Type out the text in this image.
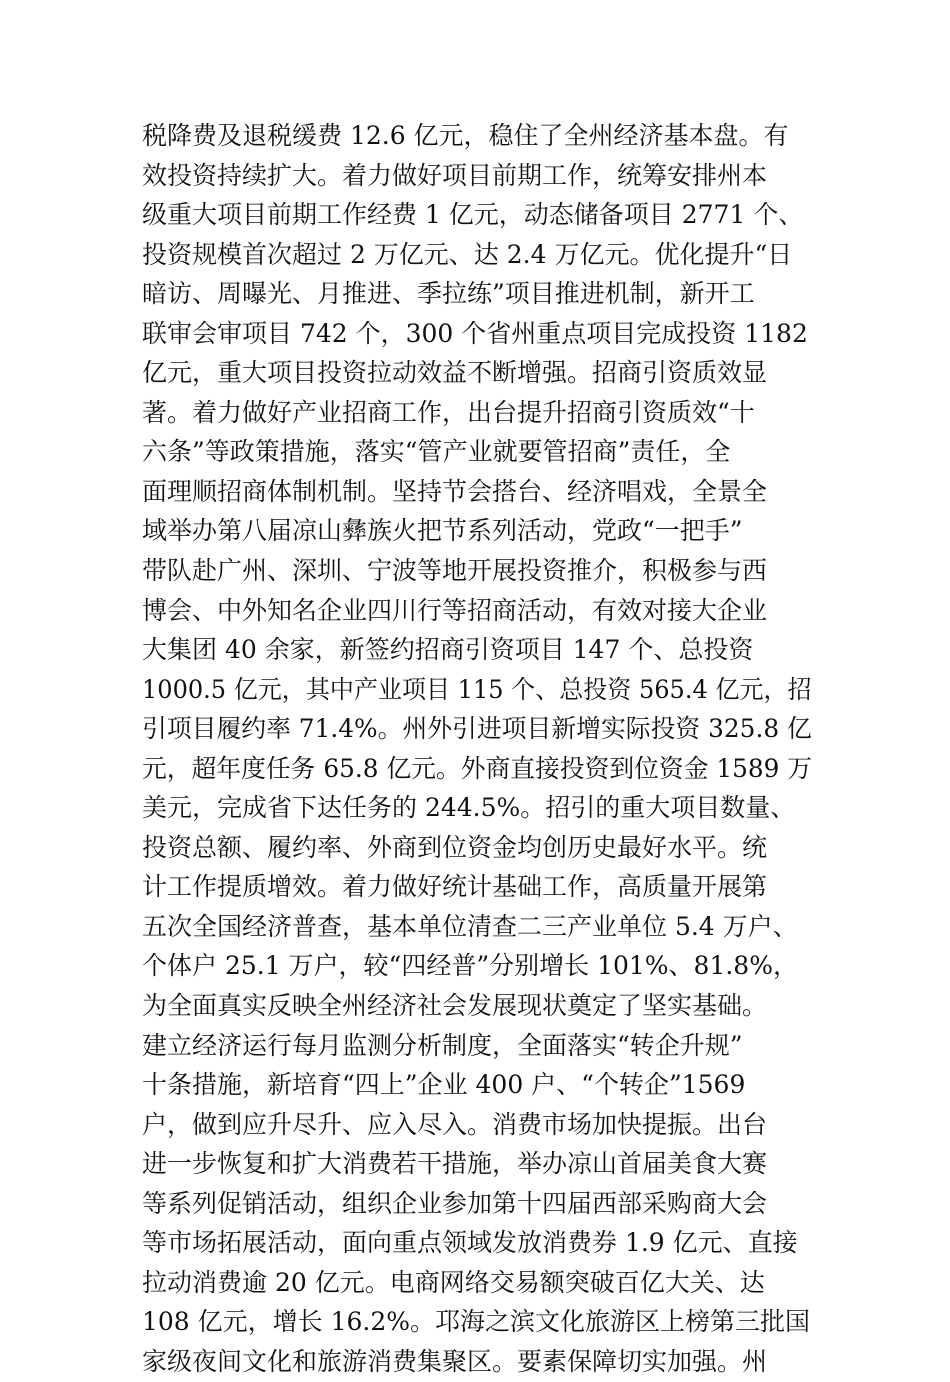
税降费及退税缓费 12.6 亿元，稳住了全州经济基本盘。有
效投资持续扩大。着力做好项目前期工作，统筹安排州本
级重大项目前期工作经费 1 亿元，动态储备项目 2771 个、
投资规模首次超过 2 万亿元、达 2.4 万亿元。优化提升“日
暗访、周曝光、月推进、季拉练”项目推进机制，新开工
联审会审项目 742 个，300 个省州重点项目完成投资 1182
亿元，重大项目投资拉动效益不断增强。招商引资质效显
著。着力做好产业招商工作，出台提升招商引资质效“十
六条”等政策措施，落实“管产业就要管招商”责任，全
面理顺招商体制机制。坚持节会搭台、经济唱戏，全景全
域举办第八届凉山彝族火把节系列活动，党政“一把手”
带队赴广州、深圳、宁波等地开展投资推介，积极参与西
博会、中外知名企业四川行等招商活动，有效对接大企业
大集团 40 余家，新签约招商引资项目 147 个、总投资
1000.5 亿元，其中产业项目 115 个、总投资 565.4 亿元，招
引项目履约率 71.4%。州外引进项目新增实际投资 325.8 亿
元，超年度任务 65.8 亿元。外商直接投资到位资金 1589 万
美元，完成省下达任务的 244.5%。招引的重大项目数量、
投资总额、履约率、外商到位资金均创历史最好水平。统
计工作提质增效。着力做好统计基础工作，高质量开展第
五次全国经济普查，基本单位清查二三产业单位 5.4 万户、
个体户 25.1 万户，较“四经普”分别增长 101%、81.8%，
为全面真实反映全州经济社会发展现状奠定了坚实基础。
建立经济运行每月监测分析制度，全面落实“转企升规”
十条措施，新培育“四上”企业 400 户、“个转企”1569
户，做到应升尽升、应入尽入。消费市场加快提振。出台
进一步恢复和扩大消费若干措施，举办凉山首届美食大赛
等系列促销活动，组织企业参加第十四届西部采购商大会
等市场拓展活动，面向重点领域发放消费券 1.9 亿元、直接
拉动消费逾 20 亿元。电商网络交易额突破百亿大关、达
108 亿元，增长 16.2%。邛海之滨文化旅游区上榜第三批国
家级夜间文化和旅游消费集聚区。要素保障切实加强。州
